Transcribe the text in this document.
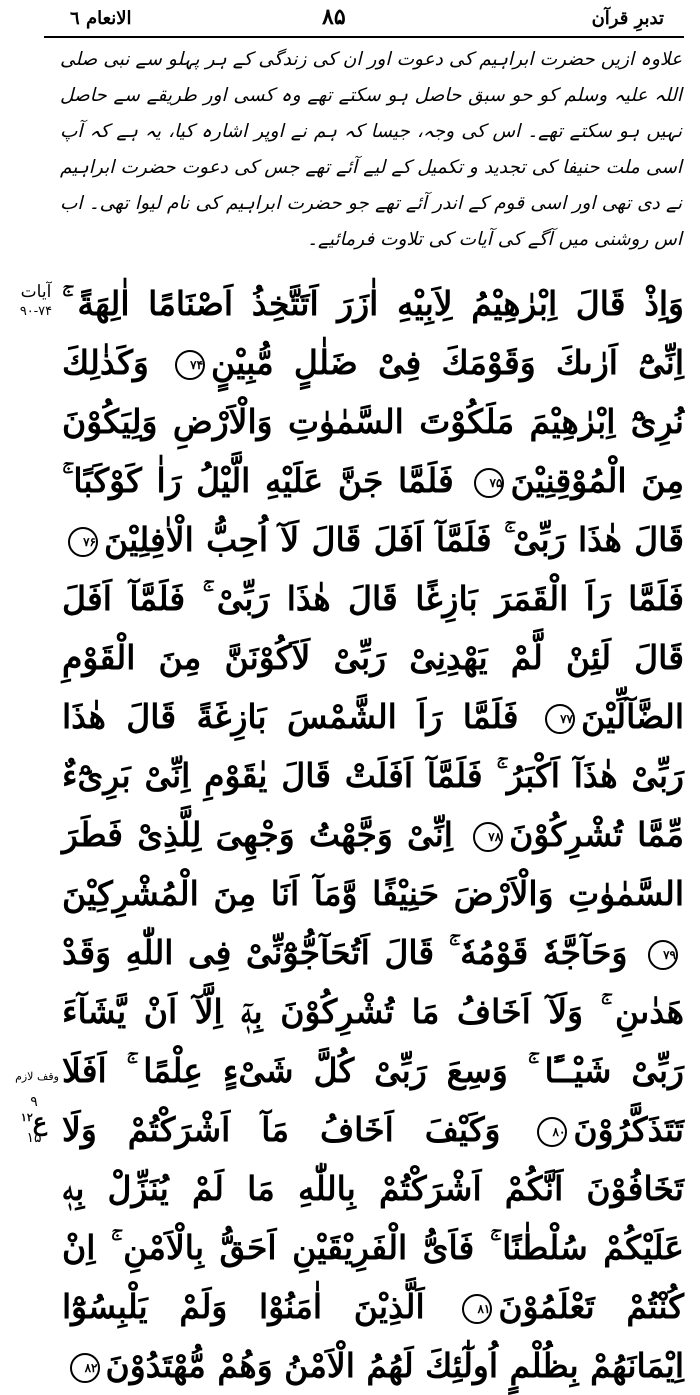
الانعام ٦	۸۵	تدبرِ قرآن

علاوہ ازیں حضرت ابراہیم کی دعوت اور ان کی زندگی کے ہر پہلو سے نبی صلی اللہ علیہ وسلم کو حو سبق حاصل ہو سکتے تھے وہ کسی اور طریقے سے حاصل نہیں ہو سکتے تھے۔ اس کی وجہ، جیسا کہ ہم نے اوپر اشارہ کیا، یہ ہے کہ آپ اسی ملت حنیفا کی تجدید و تکمیل کے لیے آئے تھے جس کی دعوت حضرت ابراہیم نے دی تھی اور اسی قوم کے اندر آئے تھے جو حضرت ابراہیم کی نام لیوا تھی۔ اب اس روشنی میں آگے کی آیات کی تلاوت فرمائیے۔

آیات
۹۰-۷۴ وَاِذْ قَالَ اِبْرٰهِيْمُ لِاَبِيْهِ اٰزَرَ اَتَتَّخِذُ اَصْنَامًا اٰلِهَةً ۚ اِنِّىْٓ اَرٰىكَ وَقَوْمَكَ فِىْ ضَلٰلٍ مُّبِيْنٍ۷۴ وَكَذٰلِكَ نُرِىْٓ اِبْرٰهِيْمَ مَلَكُوْتَ السَّمٰوٰتِ وَالْاَرْضِ وَلِيَكُوْنَ مِنَ الْمُوْقِنِيْنَ۷۵ فَلَمَّا جَنَّ عَلَيْهِ الَّيْلُ رَاٰ كَوْكَبًا ۚ قَالَ هٰذَا رَبِّىْ ۚ فَلَمَّآ اَفَلَ قَالَ لَآ اُحِبُّ الْاٰفِلِيْنَ۷۶ فَلَمَّا رَاَ الْقَمَرَ بَازِغًا قَالَ هٰذَا رَبِّىْ ۚ فَلَمَّآ اَفَلَ قَالَ لَئِنْ لَّمْ يَهْدِنِىْ رَبِّىْ لَاَكُوْنَنَّ مِنَ الْقَوْمِ الضَّآلِّيْنَ۷۷ فَلَمَّا رَاَ الشَّمْسَ بَازِغَةً قَالَ هٰذَا رَبِّىْ هٰذَآ اَكْبَرُ ۚ فَلَمَّآ اَفَلَتْ قَالَ يٰقَوْمِ اِنِّىْ بَرِىْٓءٌ مِّمَّا تُشْرِكُوْنَ۷۸ اِنِّىْ وَجَّهْتُ وَجْهِىَ لِلَّذِىْ فَطَرَ السَّمٰوٰتِ وَالْاَرْضَ حَنِيْفًا وَّمَآ اَنَا مِنَ الْمُشْرِكِيْنَ۷۹ وَحَآجَّهٗ قَوْمُهٗ ۚ قَالَ اَتُحَآجُّوْٓنِّىْ فِى اللّٰهِ وَقَدْ هَدٰىنِ ۚ وَلَآ اَخَافُ مَا تُشْرِكُوْنَ بِهٖٓ اِلَّآ اَنْ يَّشَآءَ رَبِّىْ شَيْــًٔا ۚ وَسِعَ رَبِّىْ كُلَّ شَىْءٍ عِلْمًا ۚ اَفَلَا تَتَذَكَّرُوْنَ۸۰ وَكَيْفَ اَخَافُ مَآ اَشْرَكْتُمْ وَلَا تَخَافُوْنَ اَنَّكُمْ اَشْرَكْتُمْ بِاللّٰهِ مَا لَمْ يُنَزِّلْ بِهٖ عَلَيْكُمْ سُلْطٰنًا ۚ فَاَىُّ الْفَرِيْقَيْنِ اَحَقُّ بِالْاَمْنِ ۚ اِنْ كُنْتُمْ تَعْلَمُوْنَ۸۱ اَلَّذِيْنَ اٰمَنُوْا وَلَمْ يَلْبِسُوْٓا اِيْمَانَهُمْ بِظُلْمٍ اُولٰٓئِكَ لَهُمُ الْاَمْنُ وَهُمْ مُّهْتَدُوْنَ۸۲
وقف لازم
۹
ع$^{۱۲}$
۱۵
